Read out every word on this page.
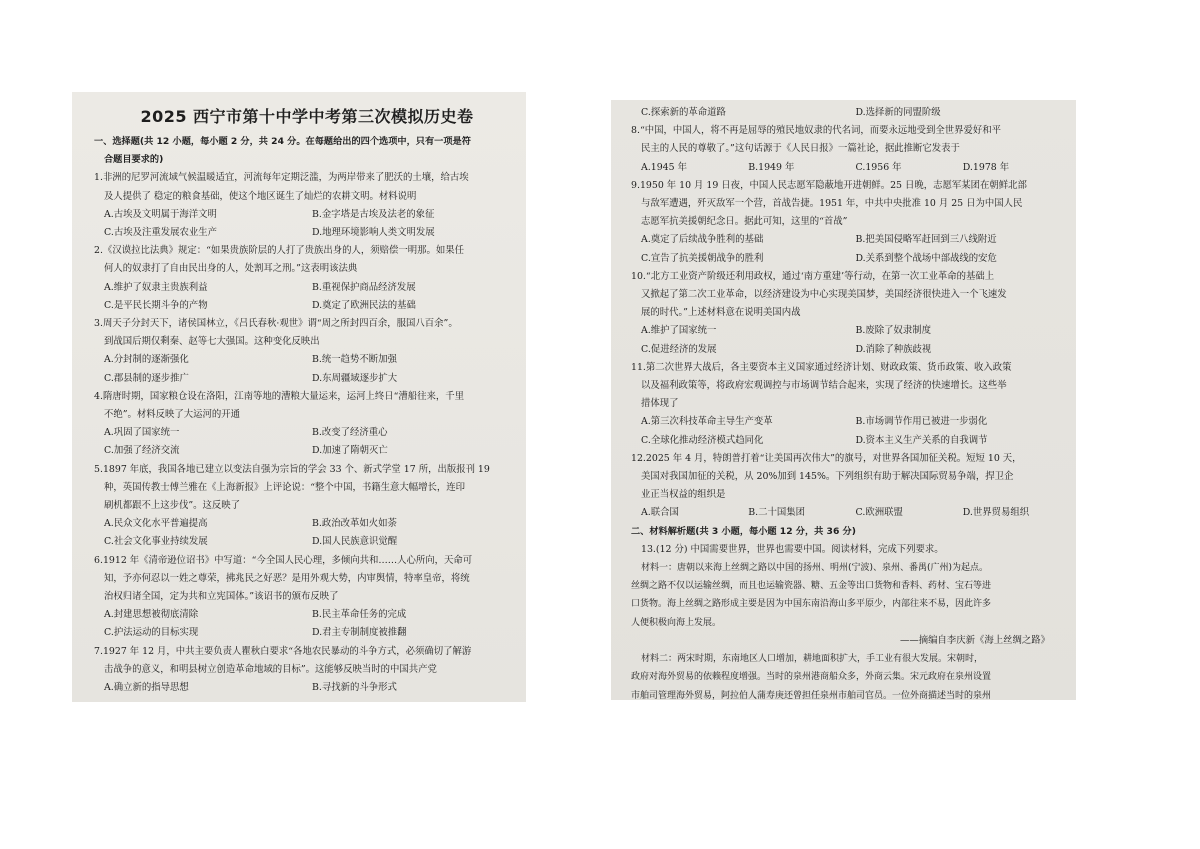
2025 西宁市第十中学中考第三次模拟历史卷
一、选择题(共 12 小题，每小题 2 分，共 24 分。在每题给出的四个选项中，只有一项是符
合题目要求的)
1.非洲的尼罗河流域气候温暖适宜，河流每年定期泛滥，为两岸带来了肥沃的土壤，给古埃
及人提供了 稳定的粮食基础，使这个地区诞生了灿烂的农耕文明。材料说明
A.古埃及文明属于海洋文明	B.金字塔是古埃及法老的象征
C.古埃及注重发展农业生产	D.地理环境影响人类文明发展
2.《汉谟拉比法典》规定：“如果贵族阶层的人打了贵族出身的人，须赔偿一明那。如果任
何人的奴隶打了自由民出身的人，处割耳之刑。”这表明该法典
A.维护了奴隶主贵族利益	B.重视保护商品经济发展
C.是平民长期斗争的产物	D.奠定了欧洲民法的基础
3.周天子分封天下，诸侯国林立，《吕氏春秋·观世》谓“周之所封四百余，服国八百余”。
到战国后期仅剩秦、赵等七大强国。这种变化反映出
A.分封制的逐渐强化	B.统一趋势不断加强
C.郡县制的逐步推广	D.东周疆域逐步扩大
4.隋唐时期，国家粮仓设在洛阳，江南等地的漕粮大量运来，运河上终日“漕船往来，千里
不绝”。材料反映了大运河的开通
A.巩固了国家统一	B.改变了经济重心
C.加强了经济交流	D.加速了隋朝灭亡
5.1897 年底，我国各地已建立以变法自强为宗旨的学会 33 个、新式学堂 17 所，出版报刊 19
种，英国传教士傅兰雅在《上海新报》上评论说：“整个中国，书籍生意大幅增长，连印
刷机都跟不上这步伐”。这反映了
A.民众文化水平普遍提高	B.政治改革如火如荼
C.社会文化事业持续发展	D.国人民族意识觉醒
6.1912 年《清帝逊位诏书》中写道：“今全国人民心理，多倾向共和……人心所向，天命可
知，予亦何忍以一姓之尊荣，拂兆民之好恶？是用外观大势，内审舆情，特率皇帝，将统
治权归诸全国，定为共和立宪国体。”该诏书的颁布反映了
A.封建思想被彻底清除	B.民主革命任务的完成
C.护法运动的目标实现	D.君主专制制度被推翻
7.1927 年 12 月，中共主要负责人瞿秋白要求“各地农民暴动的斗争方式，必须确切了解游
击战争的意义，和明县树立创造革命地域的目标”。这能够反映当时的中国共产党
A.确立新的指导思想	B.寻找新的斗争形式
C.探索新的革命道路	D.选择新的同盟阶级
8.“中国，中国人，将不再是屈辱的殖民地奴隶的代名词，而要永远地受到全世界爱好和平
民主的人民的尊敬了。”这句话源于《人民日报》一篇社论，据此推断它发表于
A.1945 年	B.1949 年	C.1956 年	D.1978 年
9.1950 年 10 月 19 日夜，中国人民志愿军隐蔽地开进朝鲜。25 日晚，志愿军某团在朝鲜北部
与敌军遭遇，歼灭敌军一个营，首战告捷。1951 年，中共中央批准 10 月 25 日为中国人民
志愿军抗美援朝纪念日。据此可知，这里的“首战”
A.奠定了后续战争胜利的基础	B.把美国侵略军赶回到三八线附近
C.宣告了抗美援朝战争的胜利	D.关系到整个战场中部战线的安危
10.“北方工业资产阶级还利用政权，通过‘南方重建’等行动，在第一次工业革命的基础上
又掀起了第二次工业革命，以经济建设为中心实现美国梦，美国经济很快进入一个飞速发
展的时代。”上述材料意在说明美国内战
A.维护了国家统一	B.废除了奴隶制度
C.促进经济的发展	D.消除了种族歧视
11.第二次世界大战后，各主要资本主义国家通过经济计划、财政政策、货币政策、收入政策
以及福利政策等，将政府宏观调控与市场调节结合起来，实现了经济的快速增长。这些举
措体现了
A.第三次科技革命主导生产变革	B.市场调节作用已被进一步弱化
C.全球化推动经济模式趋同化	D.资本主义生产关系的自我调节
12.2025 年 4 月，特朗普打着“让美国再次伟大”的旗号，对世界各国加征关税。短短 10 天，
美国对我国加征的关税，从 20%加到 145%。下列组织有助于解决国际贸易争端，捍卫企
业正当权益的组织是
A.联合国	B.二十国集团	C.欧洲联盟	D.世界贸易组织
二、材料解析题(共 3 小题，每小题 12 分，共 36 分)
13.(12 分) 中国需要世界，世界也需要中国。阅读材料，完成下列要求。
材料一：唐朝以来海上丝绸之路以中国的扬州、明州(宁波)、泉州、番禺(广州)为起点。
丝绸之路不仅以运输丝绸，而且也运输瓷器、糖、五金等出口货物和香料、药材、宝石等进
口货物。海上丝绸之路形成主要是因为中国东南沿海山多平原少，内部往来不易，因此许多
人便积极向海上发展。
——摘编自李庆新《海上丝绸之路》
材料二：两宋时期，东南地区人口增加，耕地面积扩大，手工业有很大发展。宋朝时，
政府对海外贸易的依赖程度增强。当时的泉州港商船众多，外商云集。宋元政府在泉州设置
市舶司管理海外贸易，阿拉伯人蒲寿庚还曾担任泉州市舶司官员。一位外商描述当时的泉州
